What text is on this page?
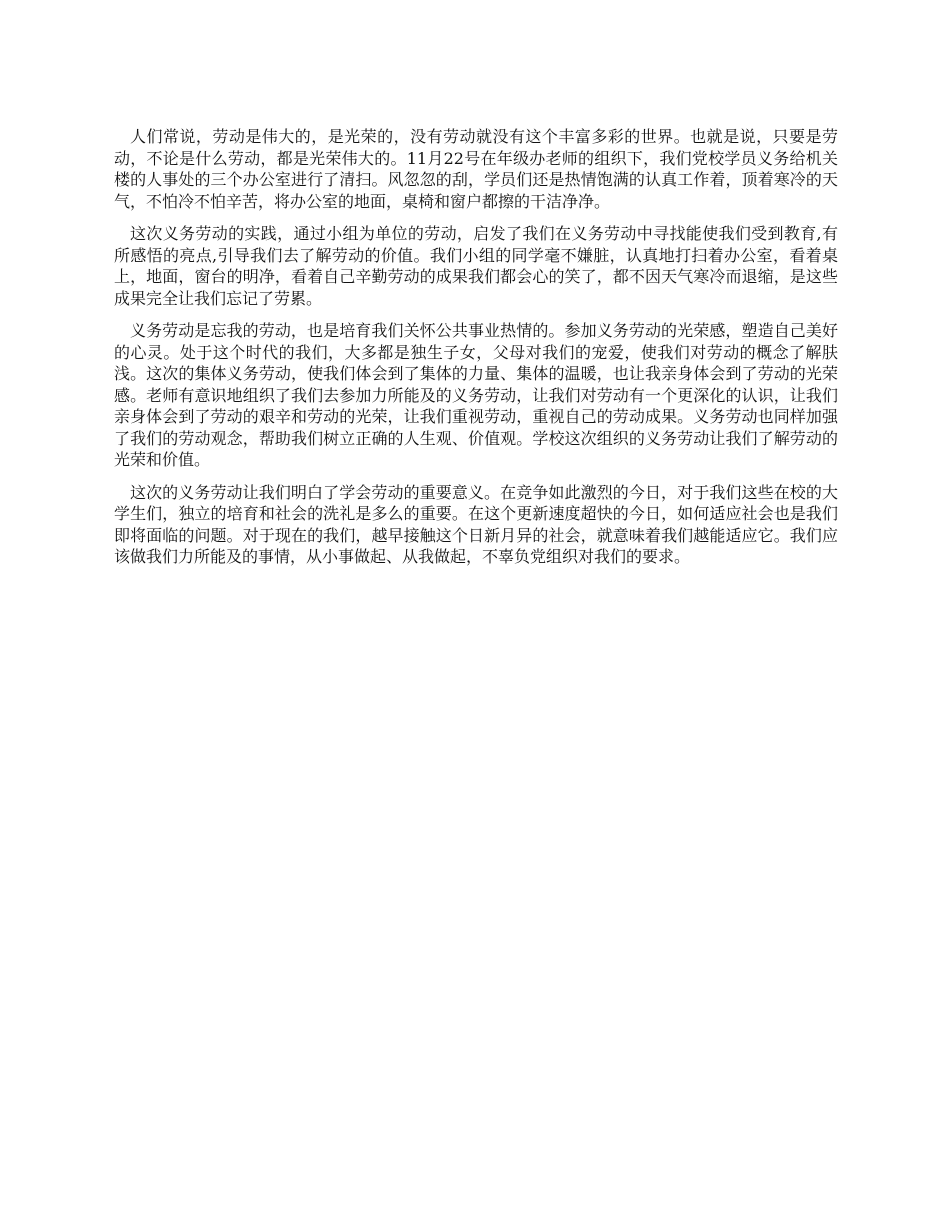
人们常说，劳动是伟大的，是光荣的，没有劳动就没有这个丰富多彩的世界。也就是说，只要是劳动，不论是什么劳动，都是光荣伟大的。11月22号在年级办老师的组织下，我们党校学员义务给机关楼的人事处的三个办公室进行了清扫。风忽忽的刮，学员们还是热情饱满的认真工作着，顶着寒冷的天气，不怕冷不怕辛苦，将办公室的地面，桌椅和窗户都擦的干洁净净。

这次义务劳动的实践，通过小组为单位的劳动，启发了我们在义务劳动中寻找能使我们受到教育,有所感悟的亮点,引导我们去了解劳动的价值。我们小组的同学毫不嫌脏，认真地打扫着办公室，看着桌上，地面，窗台的明净，看着自己辛勤劳动的成果我们都会心的笑了，都不因天气寒冷而退缩，是这些成果完全让我们忘记了劳累。

义务劳动是忘我的劳动，也是培育我们关怀公共事业热情的。参加义务劳动的光荣感，塑造自己美好的心灵。处于这个时代的我们，大多都是独生子女，父母对我们的宠爱，使我们对劳动的概念了解肤浅。这次的集体义务劳动，使我们体会到了集体的力量、集体的温暖，也让我亲身体会到了劳动的光荣感。老师有意识地组织了我们去参加力所能及的义务劳动，让我们对劳动有一个更深化的认识，让我们亲身体会到了劳动的艰辛和劳动的光荣，让我们重视劳动，重视自己的劳动成果。义务劳动也同样加强了我们的劳动观念，帮助我们树立正确的人生观、价值观。学校这次组织的义务劳动让我们了解劳动的光荣和价值。

这次的义务劳动让我们明白了学会劳动的重要意义。在竞争如此激烈的今日，对于我们这些在校的大学生们，独立的培育和社会的洗礼是多么的重要。在这个更新速度超快的今日，如何适应社会也是我们即将面临的问题。对于现在的我们，越早接触这个日新月异的社会，就意味着我们越能适应它。我们应该做我们力所能及的事情，从小事做起、从我做起，不辜负党组织对我们的要求。
